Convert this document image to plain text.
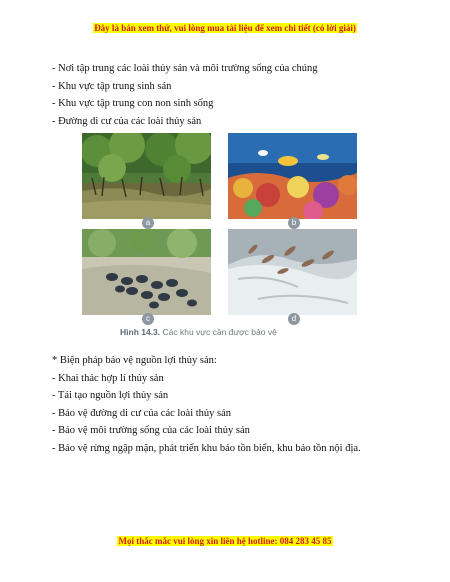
Đây là bản xem thử, vui lòng mua tài liệu để xem chi tiết (có lời giải)
- Nơi tập trung các loài thủy sản và môi trường sống của chúng
- Khu vực tập trung sinh sản
- Khu vực tập trung con non sinh sống
- Đường di cư của các loài thủy sản
a	b
c	d
Hình 14.3. Các khu vực cần được bảo vệ
* Biện pháp bảo vệ nguồn lợi thủy sản:
- Khai thác hợp lí thủy sản
- Tái tạo nguồn lợi thủy sản
- Bảo vệ đường di cư của các loài thủy sản
- Bảo vệ môi trường sống của các loài thủy sản
- Bảo vệ rừng ngập mặn, phát triển khu bảo tồn biển, khu bảo tồn nội địa.
Mọi thắc mắc vui lòng xin liên hệ hotline: 084 283 45 85
